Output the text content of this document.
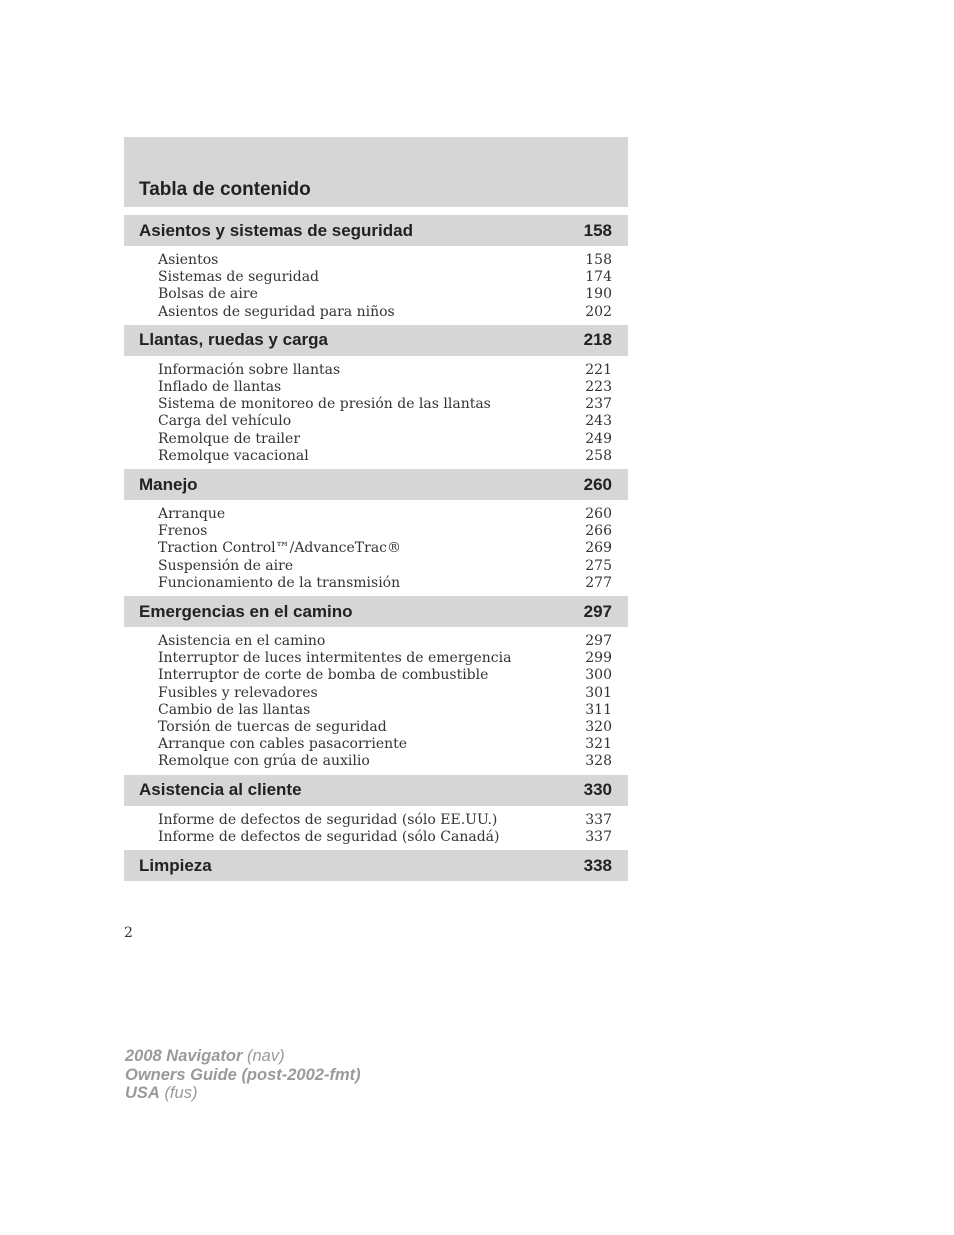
Tabla de contenido
Asientos y sistemas de seguridad	158
Asientos	158
Sistemas de seguridad	174
Bolsas de aire	190
Asientos de seguridad para niños	202
Llantas, ruedas y carga	218
Información sobre llantas	221
Inflado de llantas	223
Sistema de monitoreo de presión de las llantas	237
Carga del vehículo	243
Remolque de trailer	249
Remolque vacacional	258
Manejo	260
Arranque	260
Frenos	266
Traction Control™/AdvanceTrac®	269
Suspensión de aire	275
Funcionamiento de la transmisión	277
Emergencias en el camino	297
Asistencia en el camino	297
Interruptor de luces intermitentes de emergencia	299
Interruptor de corte de bomba de combustible	300
Fusibles y relevadores	301
Cambio de las llantas	311
Torsión de tuercas de seguridad	320
Arranque con cables pasacorriente	321
Remolque con grúa de auxilio	328
Asistencia al cliente	330
Informe de defectos de seguridad (sólo EE.UU.)	337
Informe de defectos de seguridad (sólo Canadá)	337
Limpieza	338
2
2008 Navigator (nav)
Owners Guide (post-2002-fmt)
USA (fus)
